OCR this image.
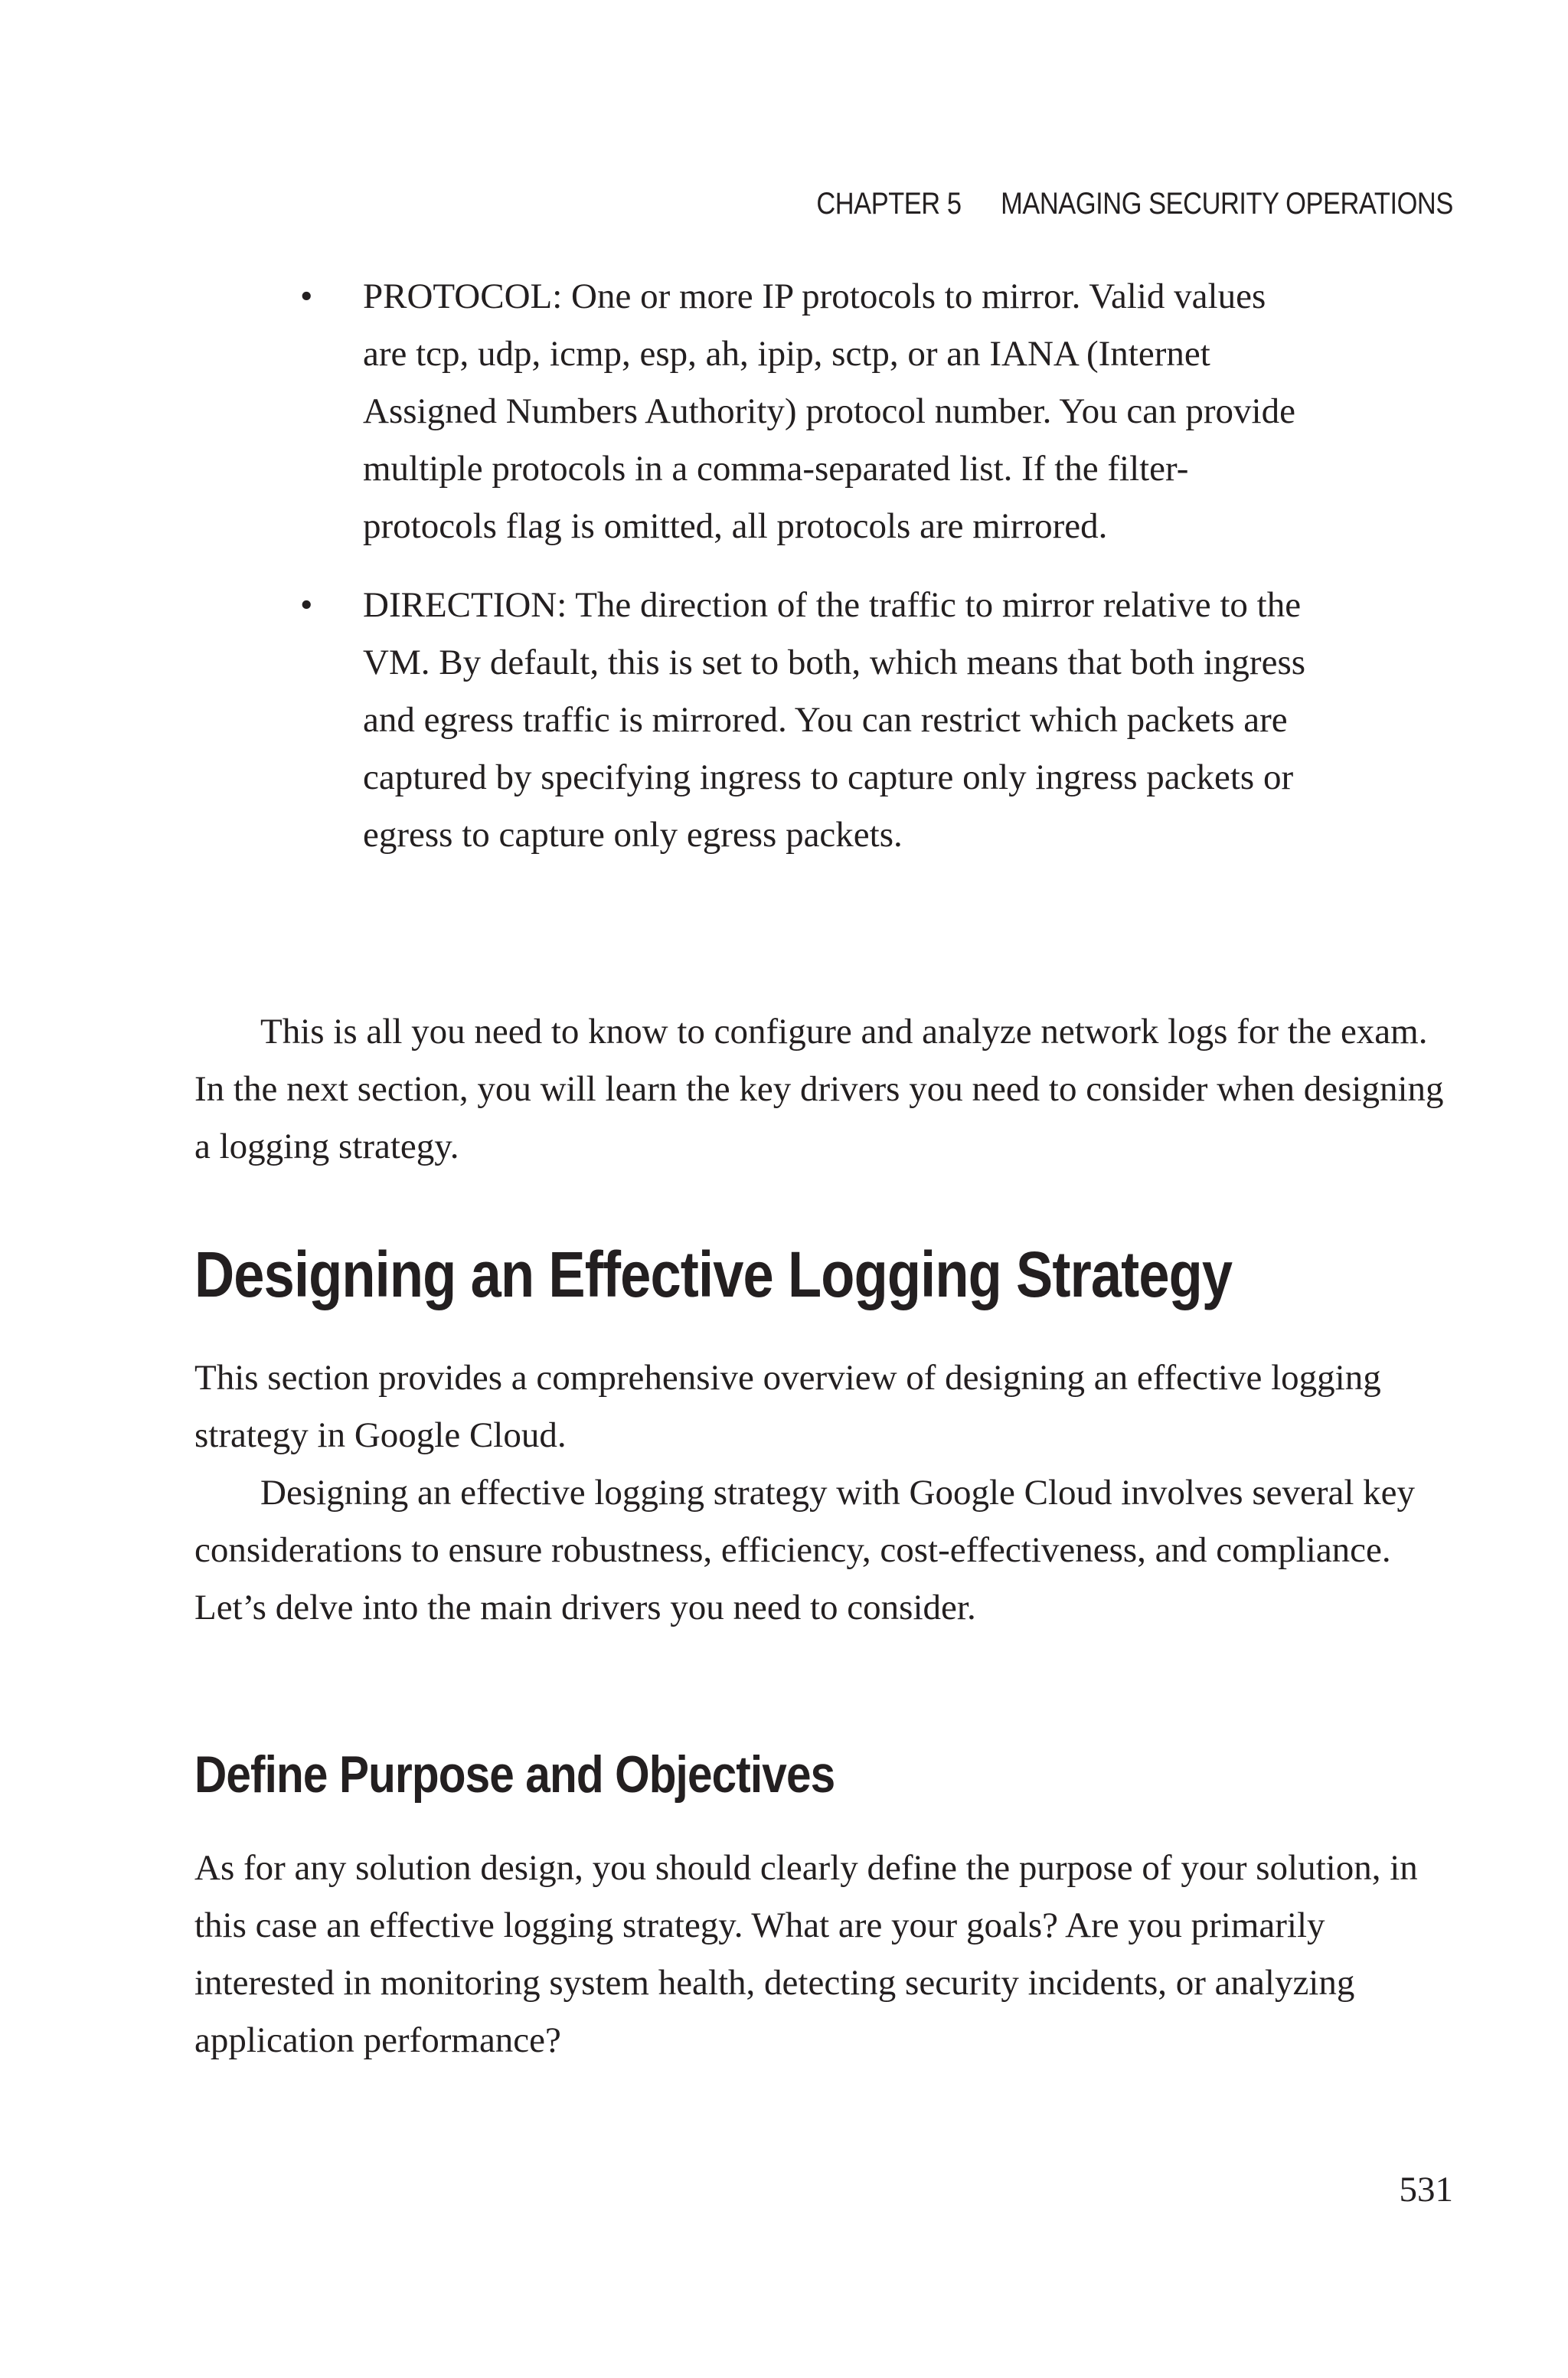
CHAPTER 5 MANAGING SECURITY OPERATIONS
• PROTOCOL: One or more IP protocols to mirror. Valid values are tcp, udp, icmp, esp, ah, ipip, sctp, or an IANA (Internet Assigned Numbers Authority) protocol number. You can provide multiple protocols in a comma-separated list. If the filter-protocols flag is omitted, all protocols are mirrored.
• DIRECTION: The direction of the traffic to mirror relative to the VM. By default, this is set to both, which means that both ingress and egress traffic is mirrored. You can restrict which packets are captured by specifying ingress to capture only ingress packets or egress to capture only egress packets.

This is all you need to know to configure and analyze network logs for the exam. In the next section, you will learn the key drivers you need to consider when designing a logging strategy.

Designing an Effective Logging Strategy

This section provides a comprehensive overview of designing an effective logging strategy in Google Cloud.

Designing an effective logging strategy with Google Cloud involves several key considerations to ensure robustness, efficiency, cost-effectiveness, and compliance. Let’s delve into the main drivers you need to consider.

Define Purpose and Objectives

As for any solution design, you should clearly define the purpose of your solution, in this case an effective logging strategy. What are your goals? Are you primarily interested in monitoring system health, detecting security incidents, or analyzing application performance?

531
